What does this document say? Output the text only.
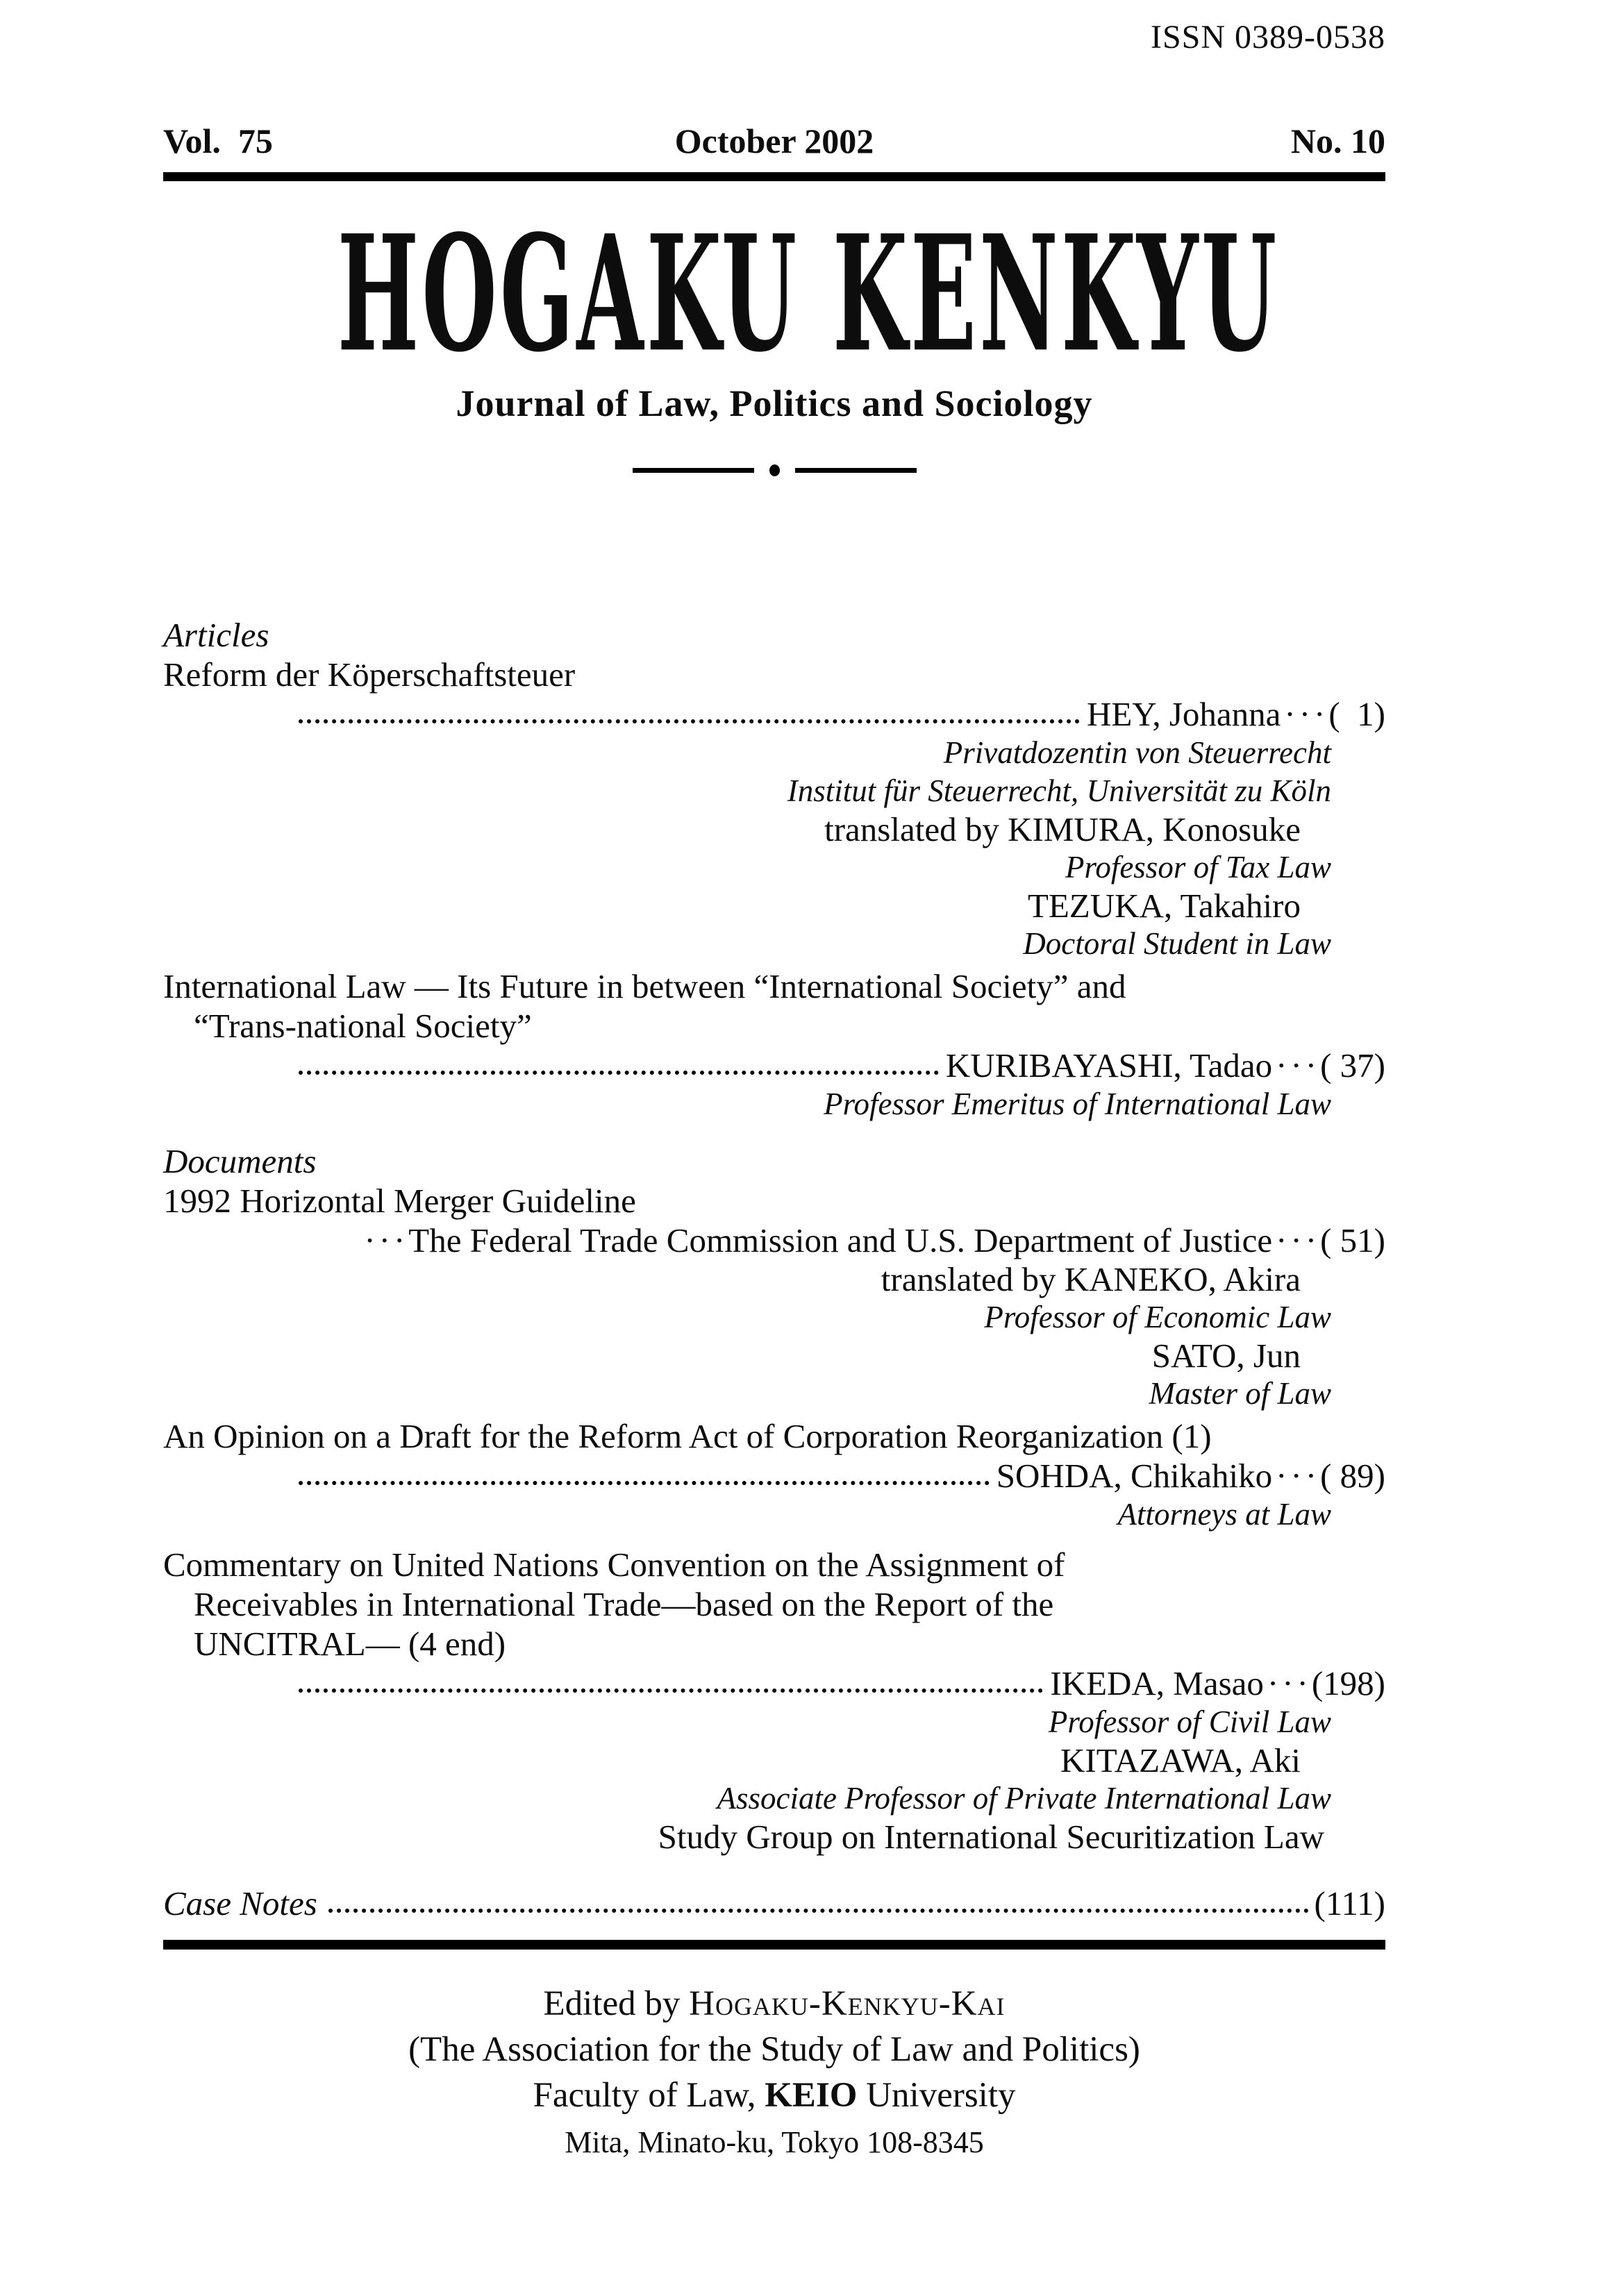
ISSN 0389-0538
Vol.  75	October 2002	No. 10
HOGAKU KENKYU
Journal of Law, Politics and Sociology
Articles
Reform der Köperschaftsteuer
HEY, Johanna ··· (  1)
Privatdozentin von Steuerrecht
Institut für Steuerrecht, Universität zu Köln
translated by KIMURA, Konosuke
Professor of Tax Law
TEZUKA, Takahiro
Doctoral Student in Law
International Law — Its Future in between “International Society” and
“Trans-national Society”
KURIBAYASHI, Tadao ··· ( 37)
Professor Emeritus of International Law
Documents
1992 Horizontal Merger Guideline
··· The Federal Trade Commission and U.S. Department of Justice ··· ( 51)
translated by KANEKO, Akira
Professor of Economic Law
SATO, Jun
Master of Law
An Opinion on a Draft for the Reform Act of Corporation Reorganization (1)
SOHDA, Chikahiko ··· ( 89)
Attorneys at Law
Commentary on United Nations Convention on the Assignment of
Receivables in International Trade—based on the Report of the
UNCITRAL— (4 end)
IKEDA, Masao ··· (198)
Professor of Civil Law
KITAZAWA, Aki
Associate Professor of Private International Law
Study Group on International Securitization Law
Case Notes	(111)
Edited by Hogaku-Kenkyu-Kai
(The Association for the Study of Law and Politics)
Faculty of Law, KEIO University
Mita, Minato-ku, Tokyo 108-8345
